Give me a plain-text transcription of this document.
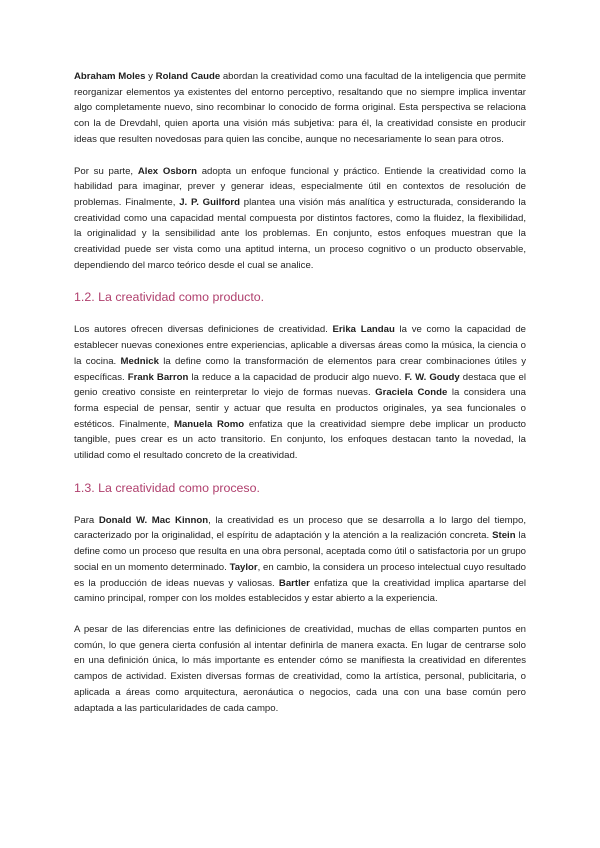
Abraham Moles y Roland Caude abordan la creatividad como una facultad de la inteligencia que permite reorganizar elementos ya existentes del entorno perceptivo, resaltando que no siempre implica inventar algo completamente nuevo, sino recombinar lo conocido de forma original. Esta perspectiva se relaciona con la de Drevdahl, quien aporta una visión más subjetiva: para él, la creatividad consiste en producir ideas que resulten novedosas para quien las concibe, aunque no necesariamente lo sean para otros.

Por su parte, Alex Osborn adopta un enfoque funcional y práctico. Entiende la creatividad como la habilidad para imaginar, prever y generar ideas, especialmente útil en contextos de resolución de problemas. Finalmente, J. P. Guilford plantea una visión más analítica y estructurada, considerando la creatividad como una capacidad mental compuesta por distintos factores, como la fluidez, la flexibilidad, la originalidad y la sensibilidad ante los problemas. En conjunto, estos enfoques muestran que la creatividad puede ser vista como una aptitud interna, un proceso cognitivo o un producto observable, dependiendo del marco teórico desde el cual se analice.

1.2. La creatividad como producto.

Los autores ofrecen diversas definiciones de creatividad. Erika Landau la ve como la capacidad de establecer nuevas conexiones entre experiencias, aplicable a diversas áreas como la música, la ciencia o la cocina. Mednick la define como la transformación de elementos para crear combinaciones útiles y específicas. Frank Barron la reduce a la capacidad de producir algo nuevo. F. W. Goudy destaca que el genio creativo consiste en reinterpretar lo viejo de formas nuevas. Graciela Conde la considera una forma especial de pensar, sentir y actuar que resulta en productos originales, ya sea funcionales o estéticos. Finalmente, Manuela Romo enfatiza que la creatividad siempre debe implicar un producto tangible, pues crear es un acto transitorio. En conjunto, los enfoques destacan tanto la novedad, la utilidad como el resultado concreto de la creatividad.

1.3. La creatividad como proceso.

Para Donald W. Mac Kinnon, la creatividad es un proceso que se desarrolla a lo largo del tiempo, caracterizado por la originalidad, el espíritu de adaptación y la atención a la realización concreta. Stein la define como un proceso que resulta en una obra personal, aceptada como útil o satisfactoria por un grupo social en un momento determinado. Taylor, en cambio, la considera un proceso intelectual cuyo resultado es la producción de ideas nuevas y valiosas. Bartler enfatiza que la creatividad implica apartarse del camino principal, romper con los moldes establecidos y estar abierto a la experiencia.

A pesar de las diferencias entre las definiciones de creatividad, muchas de ellas comparten puntos en común, lo que genera cierta confusión al intentar definirla de manera exacta. En lugar de centrarse solo en una definición única, lo más importante es entender cómo se manifiesta la creatividad en diferentes campos de actividad. Existen diversas formas de creatividad, como la artística, personal, publicitaria, o aplicada a áreas como arquitectura, aeronáutica o negocios, cada una con una base común pero adaptada a las particularidades de cada campo.
